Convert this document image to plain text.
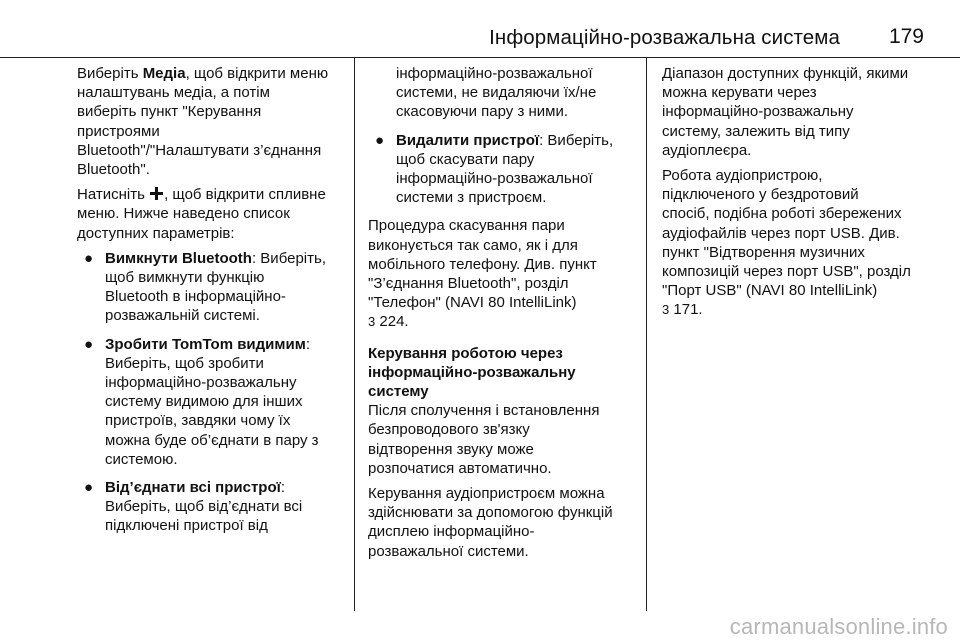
Інформаційно-розважальна система 179

Виберіть Медіа, щоб відкрити меню
налаштувань медіа, а потім
виберіть пункт "Керування
пристроями
Bluetooth"/"Налаштувати з’єднання
Bluetooth".

Натисніть , щоб відкрити спливне
меню. Нижче наведено список
доступних параметрів:

● Вимкнути Bluetooth: Виберіть,
щоб вимкнути функцію
Bluetooth в інформаційно-
розважальній системі.
● Зробити TomTom видимим:
Виберіть, щоб зробити
інформаційно-розважальну
систему видимою для інших
пристроїв, завдяки чому їх
можна буде об’єднати в пару з
системою.
● Від’єднати всі пристрої:
Виберіть, щоб від’єднати всі
підключені пристрої від
інформаційно-розважальної
системи, не видаляючи їх/не
скасовуючи пару з ними.
● Видалити пристрої: Виберіть,
щоб скасувати пару
інформаційно-розважальної
системи з пристроєм.

Процедура скасування пари
виконується так само, як і для
мобільного телефону. Див. пункт
"З’єднання Bluetooth", розділ
"Телефон" (NAVI 80 IntelliLink)
3 224.

Керування роботою через
інформаційно-розважальну
систему

Після сполучення і встановлення
безпроводового зв'язку
відтворення звуку може
розпочатися автоматично.

Керування аудіопристроєм можна
здійснювати за допомогою функцій
дисплею інформаційно-
розважальної системи.

Діапазон доступних функцій, якими
можна керувати через
інформаційно-розважальну
систему, залежить від типу
аудіоплеєра.

Робота аудіопристрою,
підключеного у бездротовий
спосіб, подібна роботі збережених
аудіофайлів через порт USB. Див.
пункт "Відтворення музичних
композицій через порт USB", розділ
"Порт USB" (NAVI 80 IntelliLink)
3 171.

carmanualsonline.info
